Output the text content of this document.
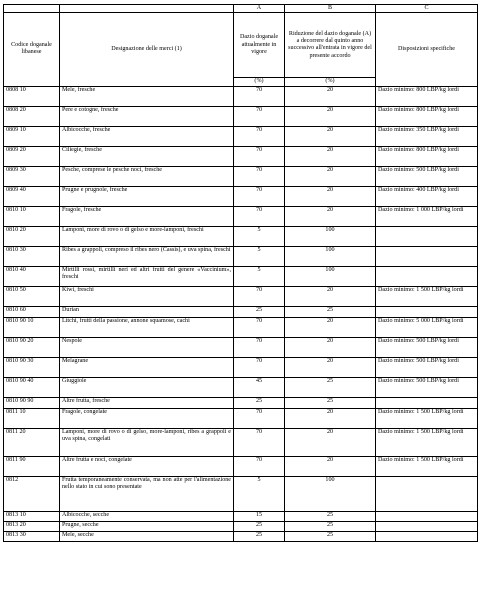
		A	B	C
Codice doganale libanese	Designazione delle merci (1)	Dazio doganale attualmente in vigore	Riduzione del dazio doganale (A) a decorrere dal quinto anno successivo all'entrata in vigore del presente accordo	Disposizioni specifiche
		(%)	(%)	
0808 10	Mele, fresche	70	20	Dazio minimo: 800 LBP/kg lordi
0808 20	Pere e cotogne, fresche	70	20	Dazio minimo: 800 LBP/kg lordi
0809 10	Albicocche, fresche	70	20	Dazio minimo: 350 LBP/kg lordi
0809 20	Ciliegie, fresche	70	20	Dazio minimo: 800 LBP/kg lordi
0809 30	Pesche, comprese le pesche noci, fresche	70	20	Dazio minimo: 500 LBP/kg lordi
0809 40	Prugne e prugnole, fresche	70	20	Dazio minimo: 400 LBP/kg lordi
0810 10	Fragole, fresche	70	20	Dazio minimo: 1 000 LBP/kg lordi
0810 20	Lamponi, more di rovo o di gelso e more-lamponi, freschi	5	100	
0810 30	Ribes a grappoli, compreso il ribes nero (Cassis), e uva spina, freschi	5	100	
0810 40	Mirtilli rossi, mirtilli neri ed altri frutti del genere «Vaccinium», freschi	5	100	
0810 50	Kiwi, freschi	70	20	Dazio minimo: 1 500 LBP/kg lordi
0810 60	Durian	25	25	
0810 90 10	Litchi, frutti della passione, annone squamose, cachi	70	20	Dazio minimo: 5 000 LBP/kg lordi
0810 90 20	Nespole	70	20	Dazio minimo: 500 LBP/kg lordi
0810 90 30	Melagrane	70	20	Dazio minimo: 500 LBP/kg lordi
0810 90 40	Giuggiole	45	25	Dazio minimo: 500 LBP/kg lordi
0810 90 90	Altre frutta, fresche	25	25	
0811 10	Fragole, congelate	70	20	Dazio minimo: 1 500 LBP/kg lordi
0811 20	Lamponi, more di rovo o di gelso, more-lamponi, ribes a grappoli e uva spina, congelati	70	20	Dazio minimo: 1 500 LBP/kg lordi
0811 90	Altre frutta e noci, congelate	70	20	Dazio minimo: 1 500 LBP/kg lordi
0812	Frutta temporaneamente conservata, ma non atte per l'alimentazione nello stato in cui sono presentate	5	100	
0813 10	Albicocche, secche	15	25	
0813 20	Prugne, secche	25	25	
0813 30	Mele, secche	25	25	
